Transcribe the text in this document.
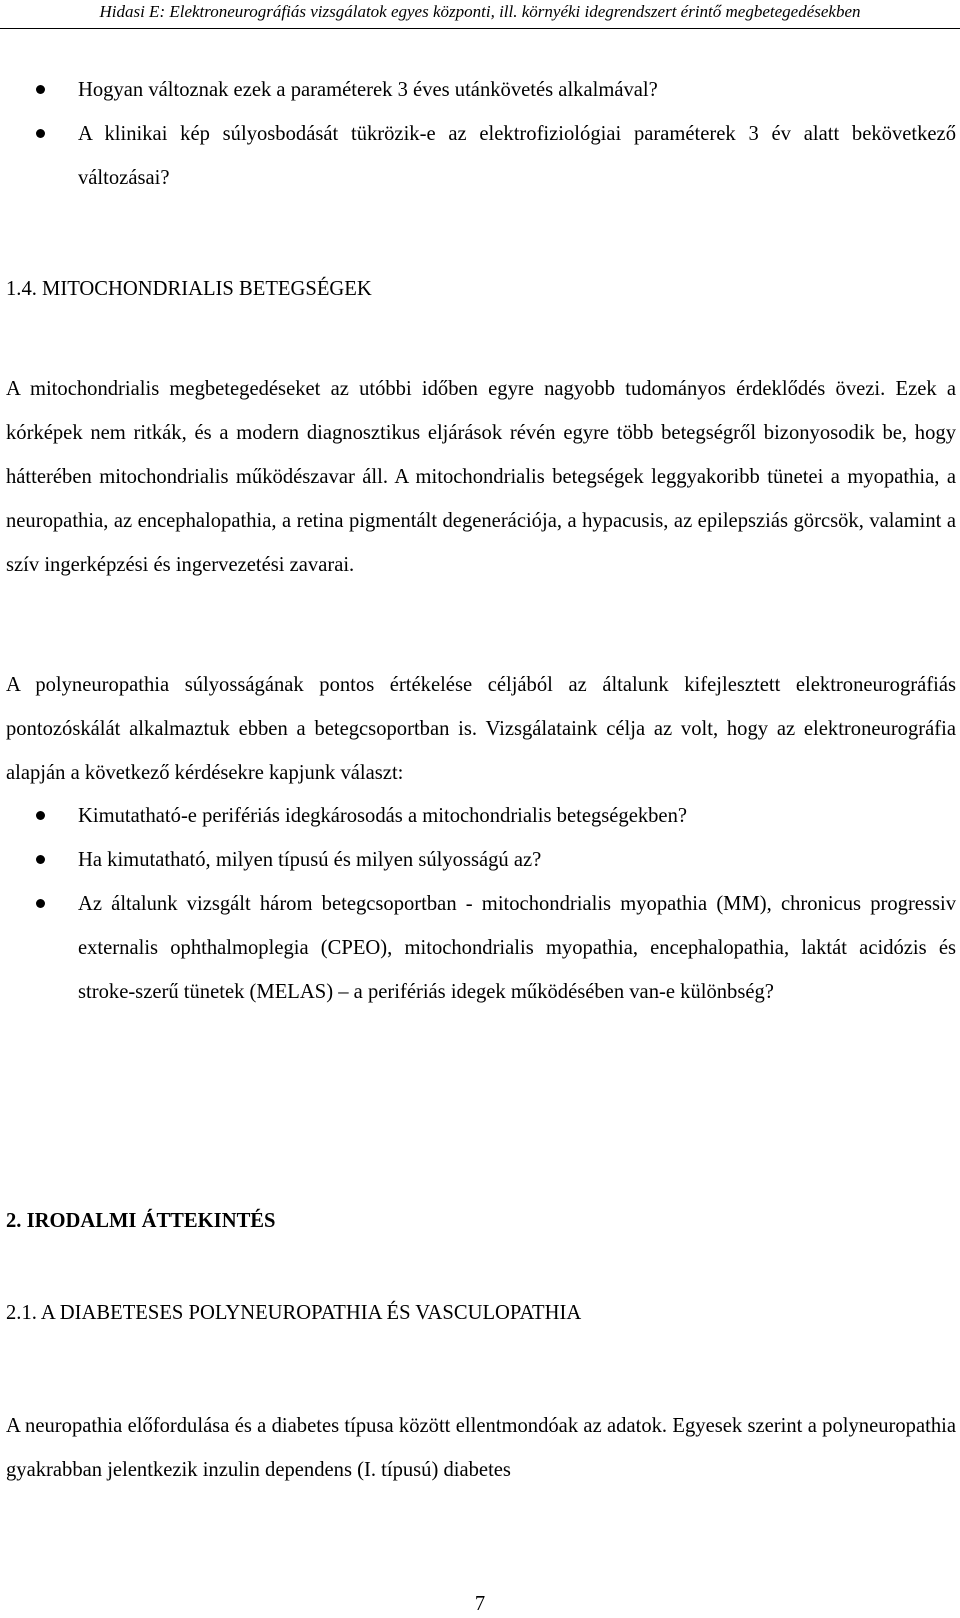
Hidasi E: Elektroneurográfiás vizsgálatok egyes központi, ill. környéki idegrendszert érintő megbetegedésekben
Hogyan változnak ezek a paraméterek 3 éves utánkövetés alkalmával?
A klinikai kép súlyosbodását tükrözik-e az elektrofiziológiai paraméterek 3 év alatt bekövetkező változásai?
1.4. MITOCHONDRIALIS BETEGSÉGEK
A mitochondrialis megbetegedéseket az utóbbi időben egyre nagyobb tudományos érdeklődés övezi. Ezek a kórképek nem ritkák, és a modern diagnosztikus eljárások révén egyre több betegségről bizonyosodik be, hogy hátterében mitochondrialis működészavar áll. A mitochondrialis betegségek leggyakoribb tünetei a myopathia, a neuropathia, az encephalopathia, a retina pigmentált degenerációja, a hypacusis, az epilepsziás görcsök, valamint a szív ingerképzési és ingervezetési zavarai.
A polyneuropathia súlyosságának pontos értékelése céljából az általunk kifejlesztett elektroneurográfiás pontozóskálát alkalmaztuk ebben a betegcsoportban is. Vizsgálataink célja az volt, hogy az elektroneurográfia alapján a következő kérdésekre kapjunk választ:
Kimutatható-e perifériás idegkárosodás a mitochondrialis betegségekben?
Ha kimutatható, milyen típusú és milyen súlyosságú az?
Az általunk vizsgált három betegcsoportban - mitochondrialis myopathia (MM), chronicus progressiv externalis ophthalmoplegia (CPEO), mitochondrialis myopathia, encephalopathia, laktát acidózis és stroke-szerű tünetek (MELAS) – a perifériás idegek működésében van-e különbség?
2. IRODALMI ÁTTEKINTÉS
2.1. A DIABETESES POLYNEUROPATHIA ÉS VASCULOPATHIA
A neuropathia előfordulása és a diabetes típusa között ellentmondóak az adatok. Egyesek szerint a polyneuropathia gyakrabban jelentkezik inzulin dependens (I. típusú) diabetes
7
